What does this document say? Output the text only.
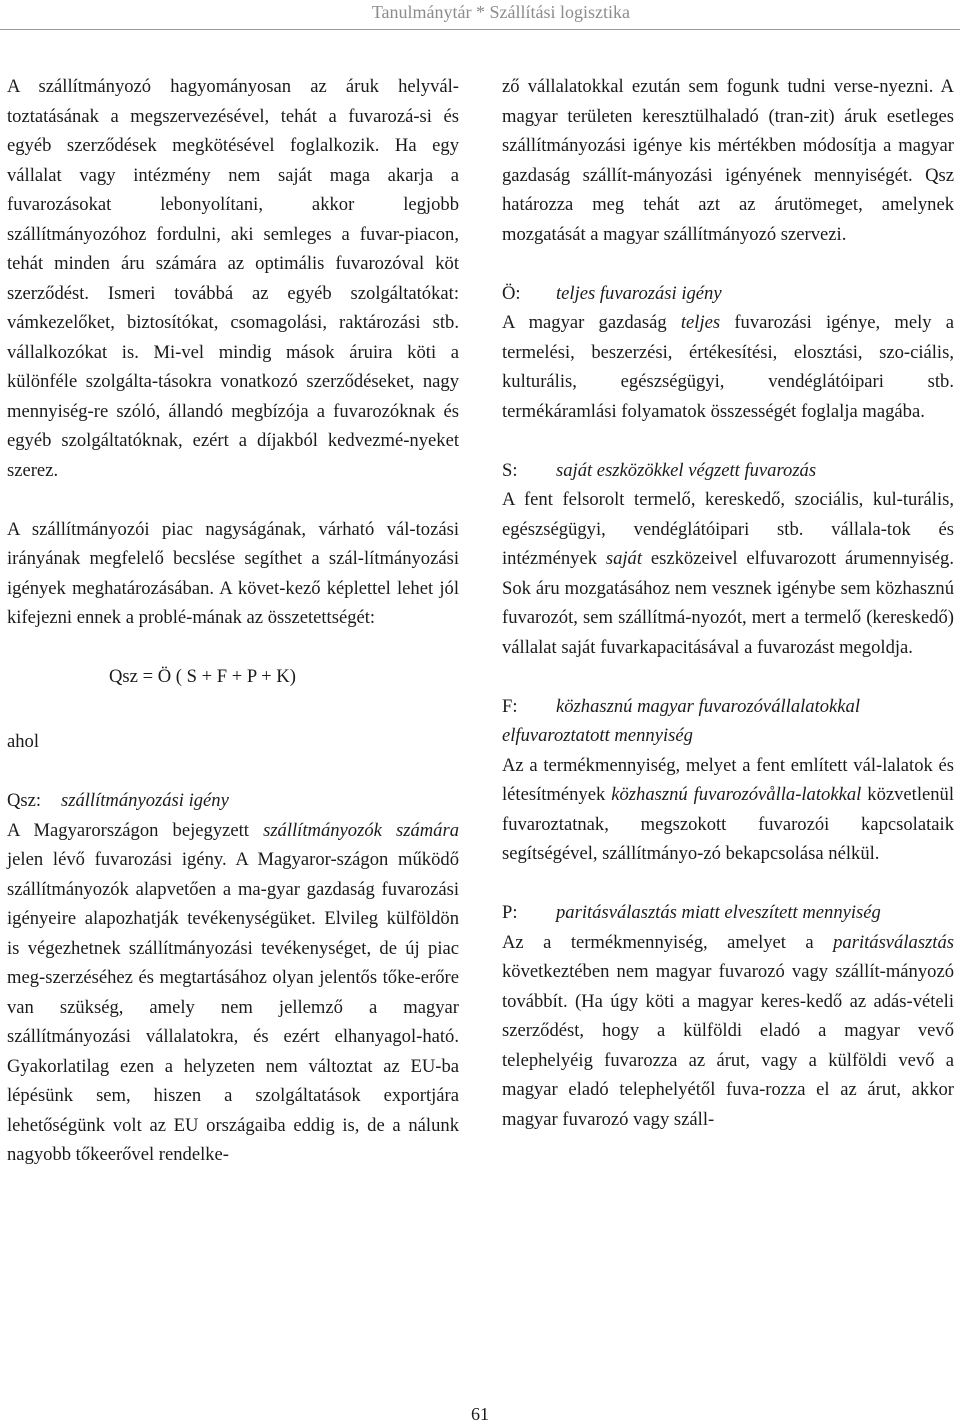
Tanulmánytár * Szállítási logisztika

A szállítmányozó hagyományosan az áruk helyvál-toztatásának a megszervezésével, tehát a fuvarozá-si és egyéb szerződések megkötésével foglalkozik. Ha egy vállalat vagy intézmény nem saját maga akarja a fuvarozásokat lebonyolítani, akkor legjobb szállítmányozóhoz fordulni, aki semleges a fuvar-piacon, tehát minden áru számára az optimális fuvarozóval köt szerződést. Ismeri továbbá az egyéb szolgáltatókat: vámkezelőket, biztosítókat, csomagolási, raktározási stb. vállalkozókat is. Mi-vel mindig mások áruira köti a különféle szolgálta-tásokra vonatkozó szerződéseket, nagy mennyiség-re szóló, állandó megbízója a fuvarozóknak és egyéb szolgáltatóknak, ezért a díjakból kedvezmé-nyeket szerez.

A szállítmányozói piac nagyságának, várható vál-tozási irányának megfelelő becslése segíthet a szál-lítmányozási igények meghatározásában. A követ-kező képlettel lehet jól kifejezni ennek a problé-mának az összetettségét:

Qsz = Ö ( S + F + P + K)

ahol

Qsz: szállítmányozási igény

A Magyarországon bejegyzett szállítmányozók számára jelen lévő fuvarozási igény. A Magyaror-szágon működő szállítmányozók alapvetően a ma-gyar gazdaság fuvarozási igényeire alapozhatják tevékenységüket. Elvileg külföldön is végezhetnek szállítmányozási tevékenységet, de új piac meg-szerzéséhez és megtartásához olyan jelentős tőke-erőre van szükség, amely nem jellemző a magyar szállítmányozási vállalatokra, és ezért elhanyagol-ható. Gyakorlatilag ezen a helyzeten nem változtat az EU-ba lépésünk sem, hiszen a szolgáltatások exportjára lehetőségünk volt az EU országaiba eddig is, de a nálunk nagyobb tőkeerővel rendelke-

ző vállalatokkal ezután sem fogunk tudni verse-nyezni. A magyar területen keresztülhaladó (tran-zit) áruk esetleges szállítmányozási igénye kis mértékben módosítja a magyar gazdaság szállít-mányozási igényének mennyiségét. Qsz határozza meg tehát azt az árutömeget, amelynek mozgatását a magyar szállítmányozó szervezi.

Ö: teljes fuvarozási igény

A magyar gazdaság teljes fuvarozási igénye, mely a termelési, beszerzési, értékesítési, elosztási, szo-ciális, kulturális, egészségügyi, vendéglátóipari stb. termékáramlási folyamatok összességét foglalja magába.

S: saját eszközökkel végzett fuvarozás

A fent felsorolt termelő, kereskedő, szociális, kul-turális, egészségügyi, vendéglátóipari stb. vállala-tok és intézmények saját eszközeivel elfuvarozott árumennyiség. Sok áru mozgatásához nem vesznek igénybe sem közhasznú fuvarozót, sem szállítmá-nyozót, mert a termelő (kereskedő) vállalat saját fuvarkapacitásával a fuvarozást megoldja.

F: közhasznú magyar fuvarozóvállalatokkal elfuvaroztatott mennyiség

Az a termékmennyiség, melyet a fent említett vál-lalatok és létesítmények közhasznú fuvarozóvålla-latokkal közvetlenül fuvaroztatnak, megszokott fuvarozói kapcsolataik segítségével, szállítmányo-zó bekapcsolása nélkül.

P: paritásválasztás miatt elveszített mennyiség

Az a termékmennyiség, amelyet a paritásválasztás következtében nem magyar fuvarozó vagy szállít-mányozó továbbít. (Ha úgy köti a magyar keres-kedő az adás-vételi szerződést, hogy a külföldi eladó a magyar vevő telephelyéig fuvarozza az árut, vagy a külföldi vevő a magyar eladó telephelyétől fuva-rozza el az árut, akkor magyar fuvarozó vagy száll-

61
